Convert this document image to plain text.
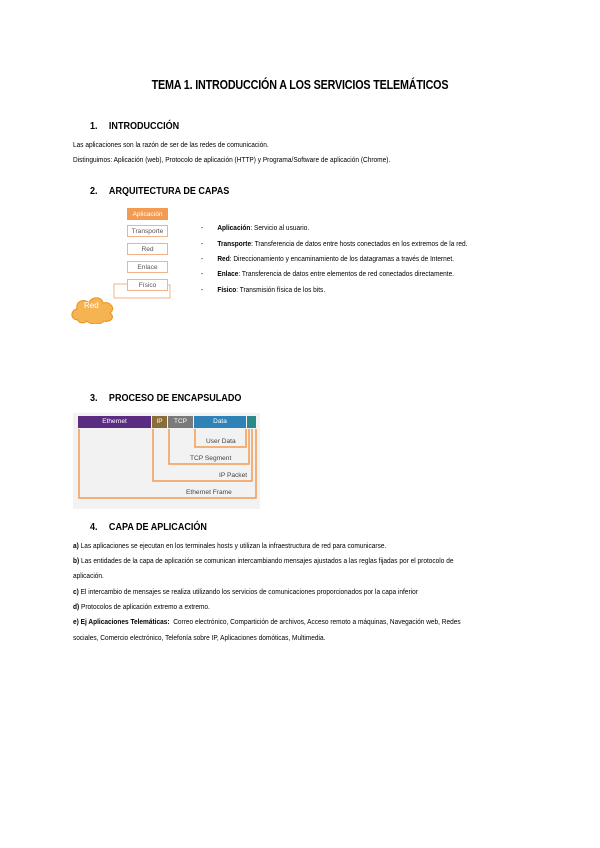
TEMA 1. INTRODUCCIÓN A LOS SERVICIOS TELEMÁTICOS
1. INTRODUCCIÓN
Las aplicaciones son la razón de ser de las redes de comunicación.
Distinguimos: Aplicación (web), Protocolo de aplicación (HTTP) y Programa/Software de aplicación (Chrome).
2. ARQUITECTURA DE CAPAS
Aplicación
Transporte
Red
Enlace
Físico
Red
- Aplicación: Servicio al usuario.
- Transporte: Transferencia de datos entre hosts conectados en los extremos de la red.
- Red: Direccionamiento y encaminamiento de los datagramas a través de Internet.
- Enlace: Transferencia de datos entre elementos de red conectados directamente.
- Físico: Transmisión física de los bits.
3. PROCESO DE ENCAPSULADO
Ethernet	IP	TCP	Data
User Data
TCP Segment
IP Packet
Ethernet Frame
4. CAPA DE APLICACIÓN
a) Las aplicaciones se ejecutan en los terminales hosts y utilizan la infraestructura de red para comunicarse.
b) Las entidades de la capa de aplicación se comunican intercambiando mensajes ajustados a las reglas fijadas por el protocolo de
aplicación.
c) El intercambio de mensajes se realiza utilizando los servicios de comunicaciones proporcionados por la capa inferior
d) Protocolos de aplicación extremo a extremo.
e) Ej Aplicaciones Telemáticas: Correo electrónico, Compartición de archivos, Acceso remoto a máquinas, Navegación web, Redes
sociales, Comercio electrónico, Telefonía sobre IP, Aplicaciones domóticas, Multimedia.
